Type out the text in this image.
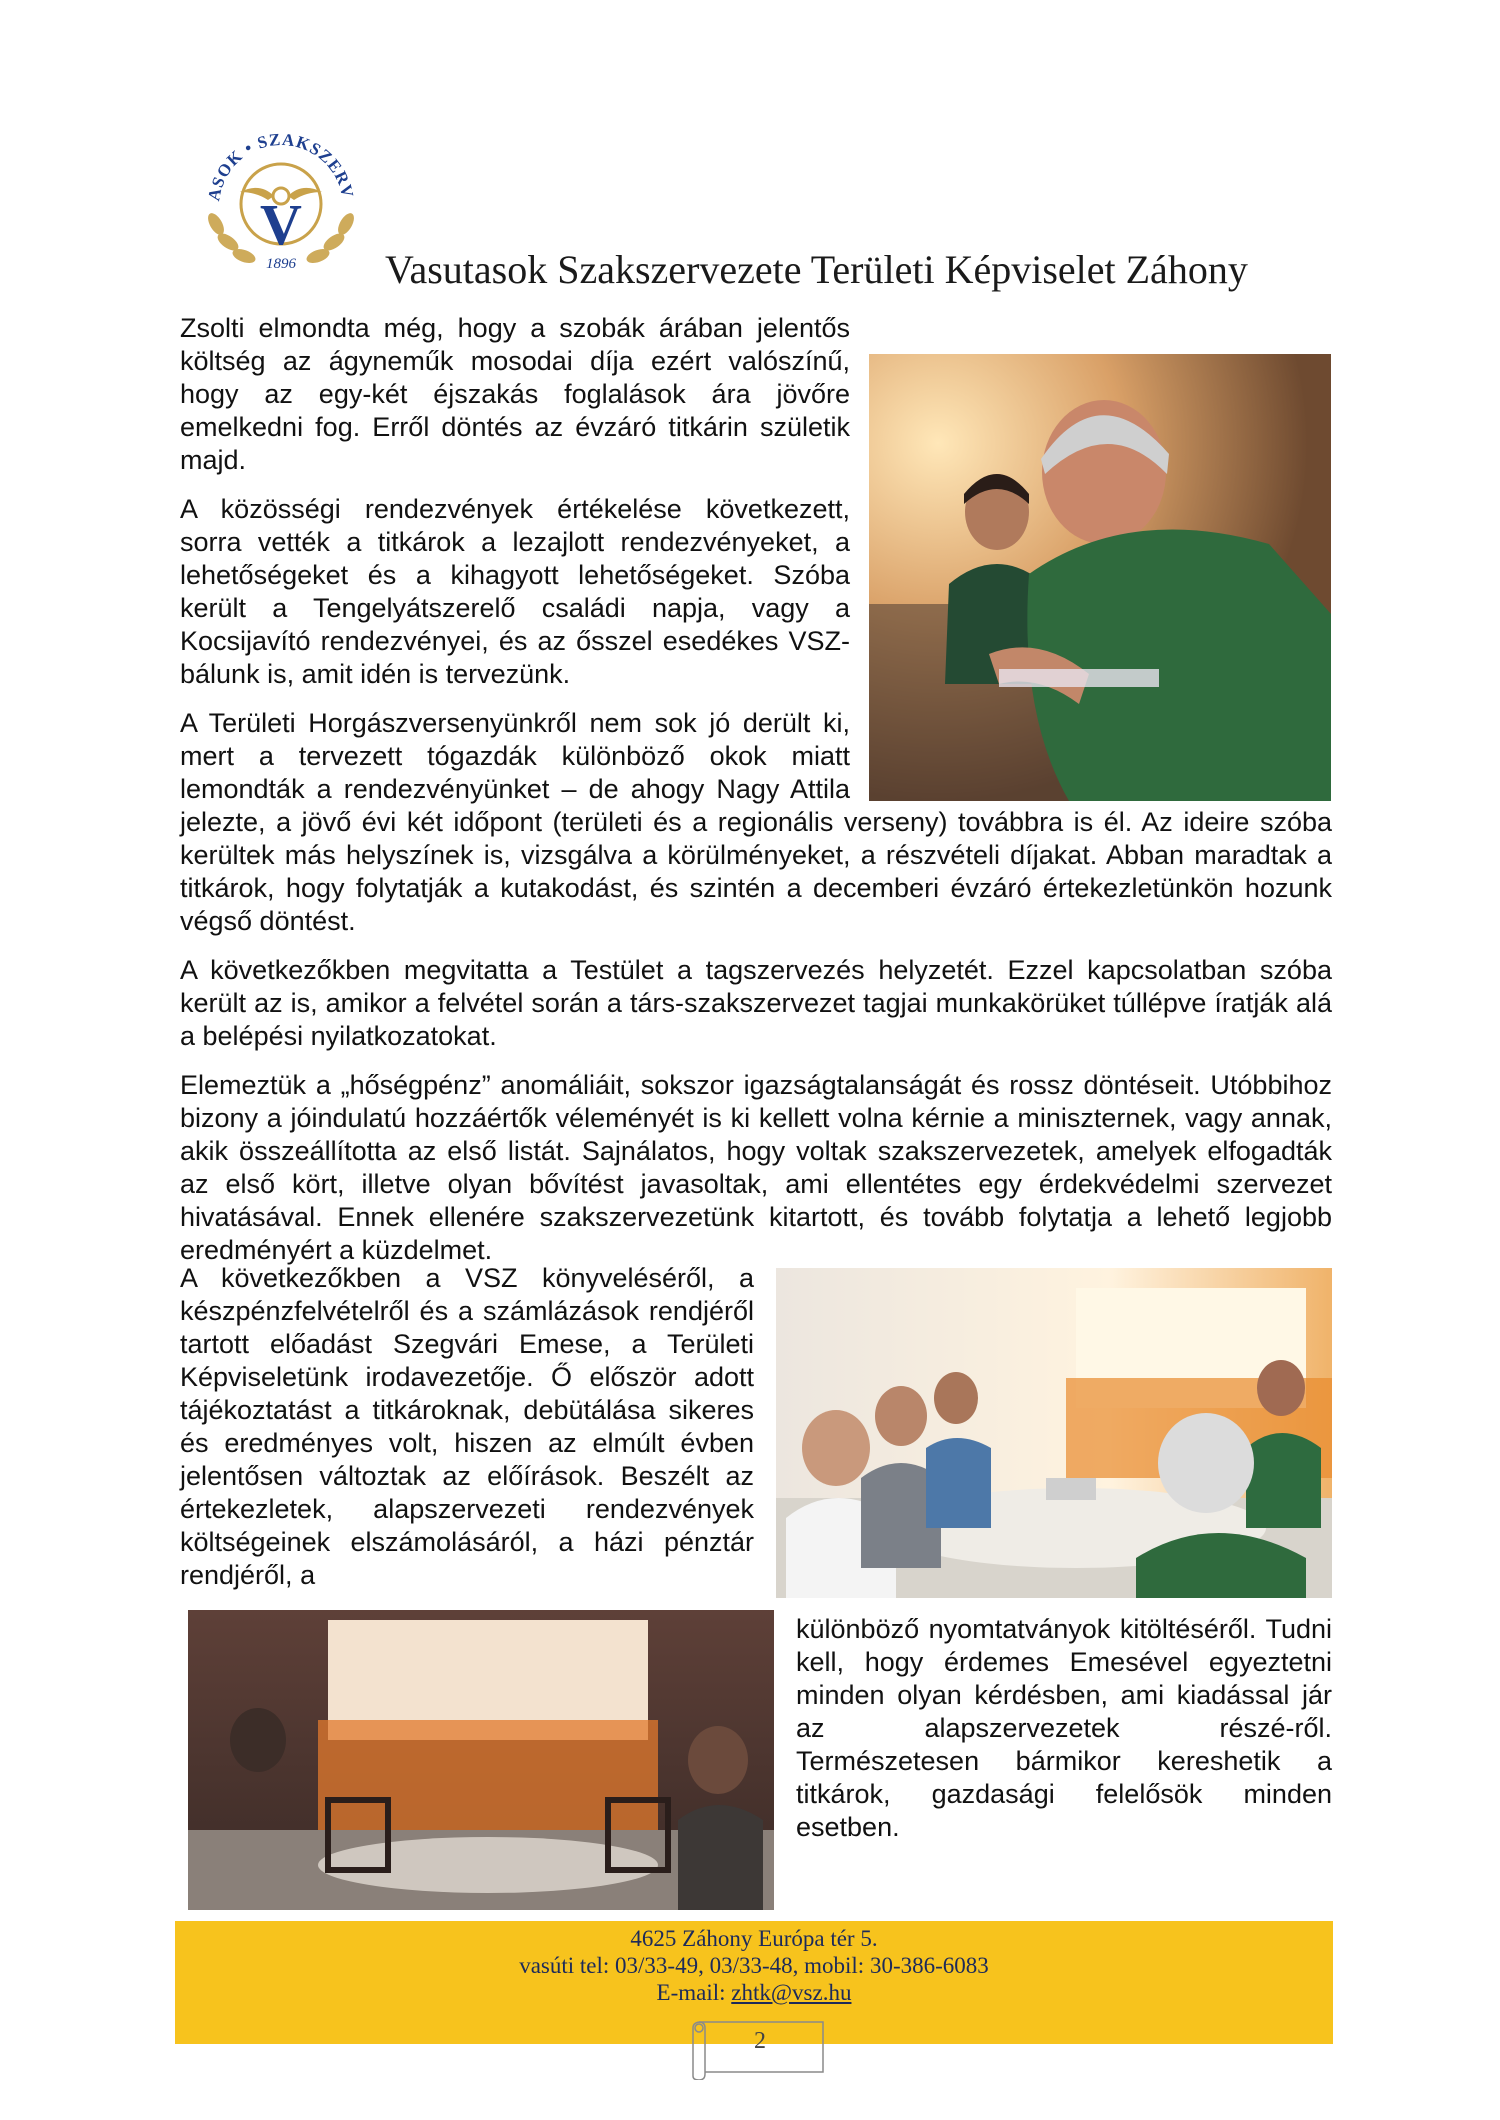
ASOK • SZAKSZERV
V
1896 Vasutasok Szakszervezete Területi Képviselet Záhony

Zsolti elmondta még, hogy a szobák árában jelentős költség az ágyneműk mosodai díja ezért valószínű, hogy az egy-két éjszakás foglalások ára jövőre emelkedni fog. Erről döntés az évzáró titkárin születik majd.

A közösségi rendezvények értékelése következett, sorra vették a titkárok a lezajlott rendezvényeket, a lehetőségeket és a kihagyott lehetőségeket. Szóba került a Tengelyátszerelő családi napja, vagy a Kocsijavító rendezvényei, és az ősszel esedékes VSZ-bálunk is, amit idén is tervezünk.

A Területi Horgászversenyünkről nem sok jó derült ki, mert a tervezett tógazdák különböző okok miatt lemondták a rendezvényünket – de ahogy Nagy Attila jelezte, a jövő évi két időpont (területi és a regionális verseny) továbbra is él. Az ideire szóba kerültek más helyszínek is, vizsgálva a körülményeket, a részvételi díjakat. Abban maradtak a titkárok, hogy folytatják a kutakodást, és szintén a decemberi évzáró értekezletünkön hozunk végső döntést.

A következőkben megvitatta a Testület a tagszervezés helyzetét. Ezzel kapcsolatban szóba került az is, amikor a felvétel során a társ-szakszervezet tagjai munkakörüket túllépve íratják alá a belépési nyilatkozatokat.

Elemeztük a „hőségpénz” anomáliáit, sokszor igazságtalanságát és rossz döntéseit. Utóbbihoz bizony a jóindulatú hozzáértők véleményét is ki kellett volna kérnie a miniszternek, vagy annak, akik összeállította az első listát. Sajnálatos, hogy voltak szakszervezetek, amelyek elfogadták az első kört, illetve olyan bővítést javasoltak, ami ellentétes egy érdekvédelmi szervezet hivatásával. Ennek ellenére szakszervezetünk kitartott, és tovább folytatja a lehető legjobb eredményért a küzdelmet.

A következőkben a VSZ könyveléséről, a készpénzfelvételről és a számlázások rendjéről tartott előadást Szegvári Emese, a Területi Képviseletünk irodavezetője. Ő először adott tájékoztatást a titkároknak, debütálása sikeres és eredményes volt, hiszen az elmúlt évben jelentősen változtak az előírások. Beszélt az értekezletek, alapszervezeti rendezvények költségeinek elszámolásáról, a házi pénztár rendjéről, a

különböző nyomtatványok kitöltéséről. Tudni kell, hogy érdemes Emesével egyeztetni minden olyan kérdésben, ami kiadással jár az alapszervezetek részé-ről. Természetesen bármikor kereshetik a titkárok, gazdasági felelősök minden esetben.

4625 Záhony Európa tér 5.
vasúti tel: 03/33-49, 03/33-48, mobil: 30-386-6083
E-mail: zhtk@vsz.hu
2
